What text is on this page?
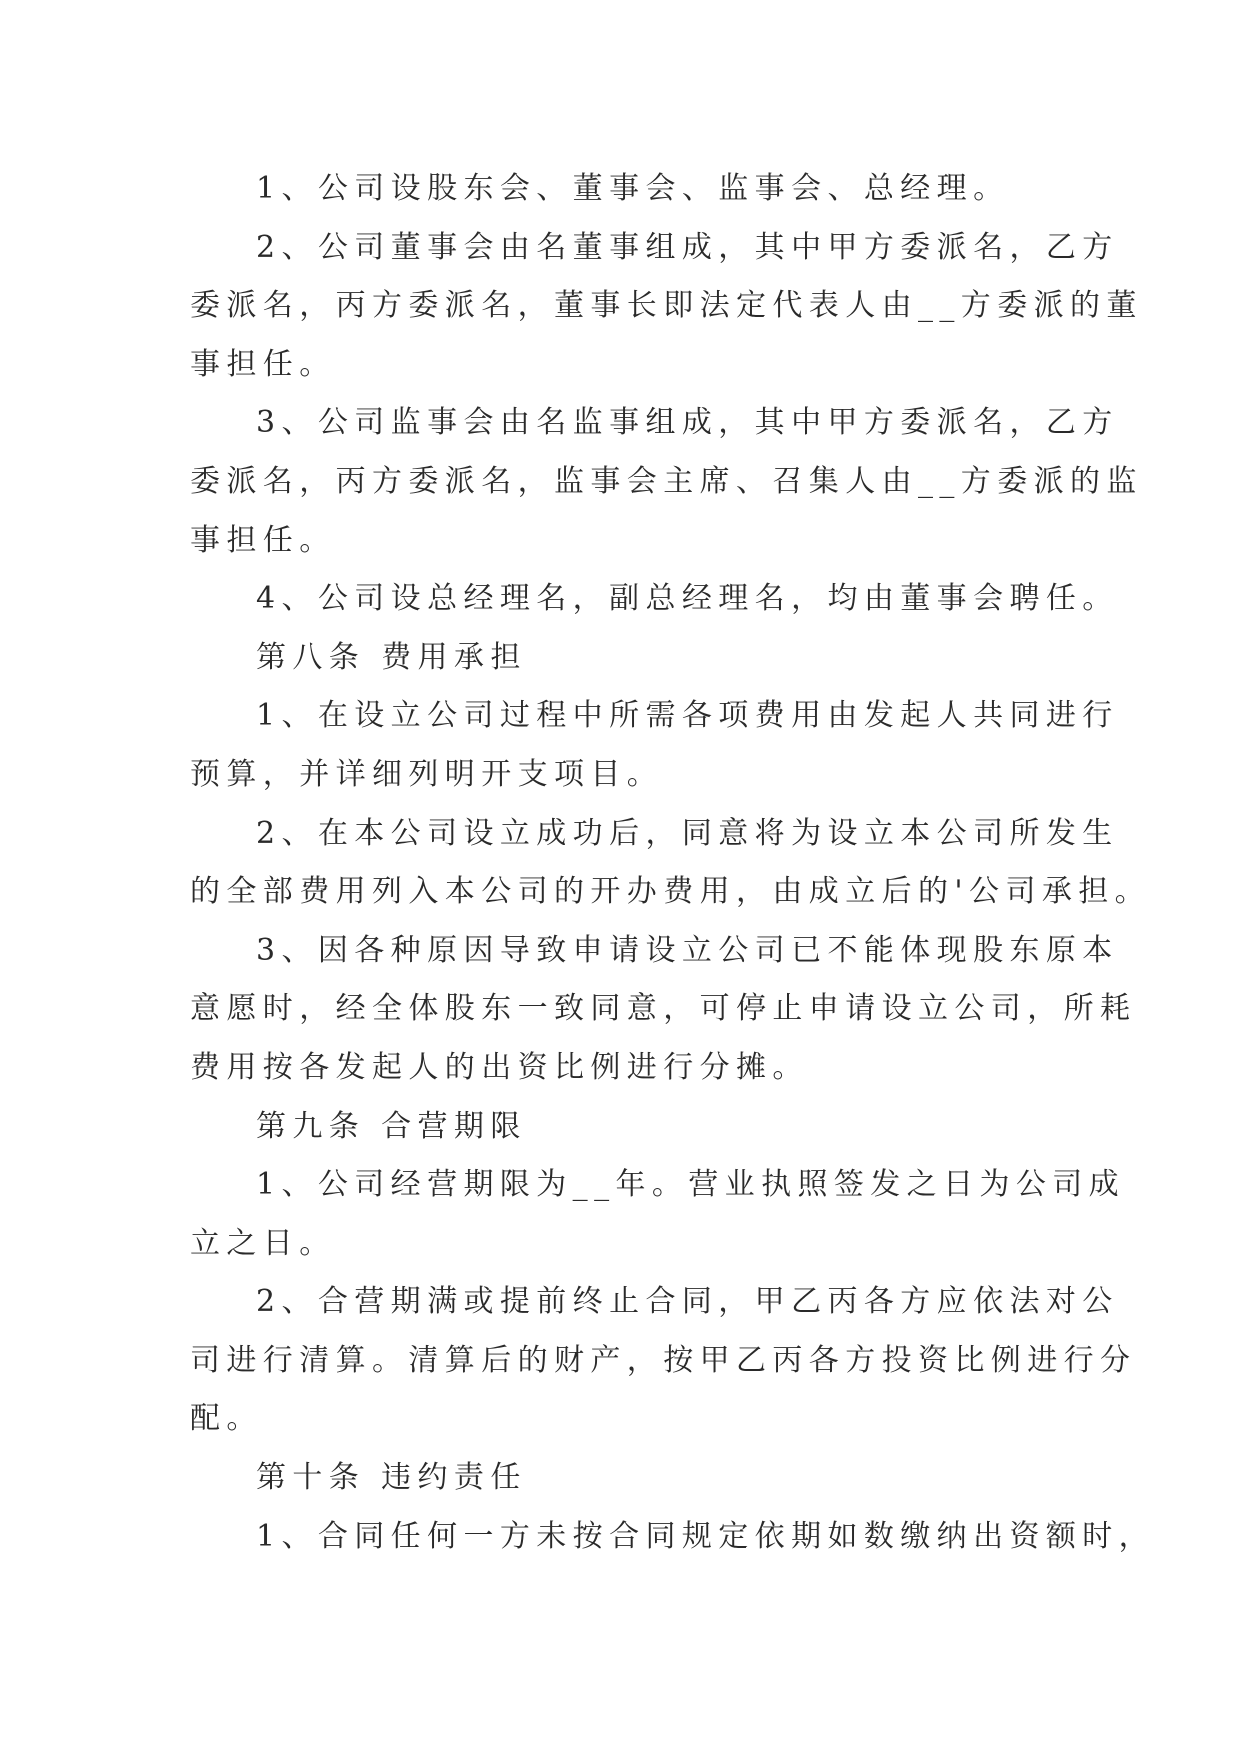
1、公司设股东会、董事会、监事会、总经理。
2、公司董事会由名董事组成，其中甲方委派名，乙方
委派名，丙方委派名，董事长即法定代表人由__方委派的董
事担任。
3、公司监事会由名监事组成，其中甲方委派名，乙方
委派名，丙方委派名，监事会主席、召集人由__方委派的监
事担任。
4、公司设总经理名，副总经理名，均由董事会聘任。
第八条 费用承担
1、在设立公司过程中所需各项费用由发起人共同进行
预算，并详细列明开支项目。
2、在本公司设立成功后，同意将为设立本公司所发生
的全部费用列入本公司的开办费用，由成立后的'公司承担。
3、因各种原因导致申请设立公司已不能体现股东原本
意愿时，经全体股东一致同意，可停止申请设立公司，所耗
费用按各发起人的出资比例进行分摊。
第九条 合营期限
1、公司经营期限为__年。营业执照签发之日为公司成
立之日。
2、合营期满或提前终止合同，甲乙丙各方应依法对公
司进行清算。清算后的财产，按甲乙丙各方投资比例进行分
配。
第十条 违约责任
1、合同任何一方未按合同规定依期如数缴纳出资额时，
